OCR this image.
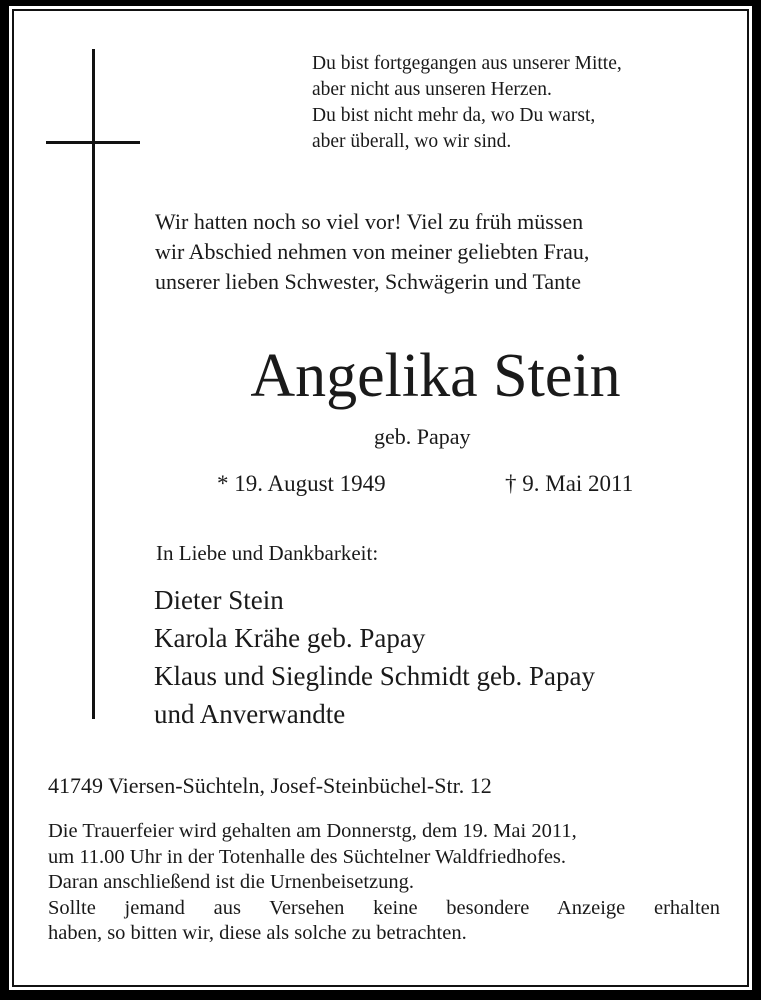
Du bist fortgegangen aus unserer Mitte,
aber nicht aus unseren Herzen.
Du bist nicht mehr da, wo Du warst,
aber überall, wo wir sind.
Wir hatten noch so viel vor! Viel zu früh müssen
wir Abschied nehmen von meiner geliebten Frau,
unserer lieben Schwester, Schwägerin und Tante
Angelika Stein
geb. Papay
* 19. August 1949	† 9. Mai 2011
In Liebe und Dankbarkeit:
Dieter Stein
Karola Krähe geb. Papay
Klaus und Sieglinde Schmidt geb. Papay
und Anverwandte
41749 Viersen-Süchteln, Josef-Steinbüchel-Str. 12
Die Trauerfeier wird gehalten am Donnerstg, dem 19. Mai 2011,
um 11.00 Uhr in der Totenhalle des Süchtelner Waldfriedhofes.
Daran anschließend ist die Urnenbeisetzung.
Sollte jemand aus Versehen keine besondere Anzeige erhalten
haben, so bitten wir, diese als solche zu betrachten.
